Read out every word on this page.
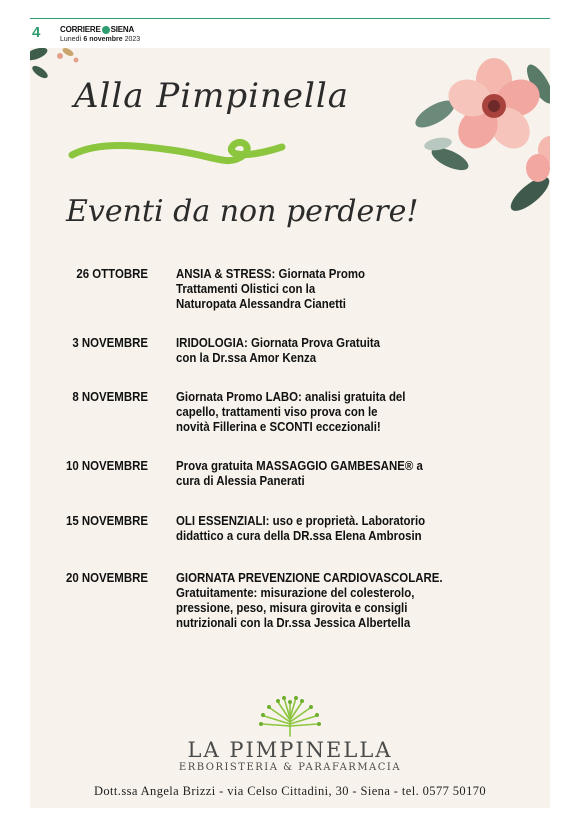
4 CORRIERE SIENA
Lunedì 6 novembre 2023
Alla Pimpinella
Eventi da non perdere!
26 OTTOBRE ANSIA & STRESS: Giornata Promo
Trattamenti Olistici con la
Naturopata Alessandra Cianetti
3 NOVEMBRE IRIDOLOGIA: Giornata Prova Gratuita
con la Dr.ssa Amor Kenza
8 NOVEMBRE Giornata Promo LABO: analisi gratuita del
capello, trattamenti viso prova con le
novità Fillerina e SCONTI eccezionali!
10 NOVEMBRE Prova gratuita MASSAGGIO GAMBESANE® a
cura di Alessia Panerati
15 NOVEMBRE OLI ESSENZIALI: uso e proprietà. Laboratorio
didattico a cura della DR.ssa Elena Ambrosin
20 NOVEMBRE GIORNATA PREVENZIONE CARDIOVASCOLARE.
Gratuitamente: misurazione del colesterolo,
pressione, peso, misura girovita e consigli
nutrizionali con la Dr.ssa Jessica Albertella
LA PIMPINELLA
ERBORISTERIA & PARAFARMACIA
Dott.ssa Angela Brizzi - via Celso Cittadini, 30 - Siena - tel. 0577 50170
